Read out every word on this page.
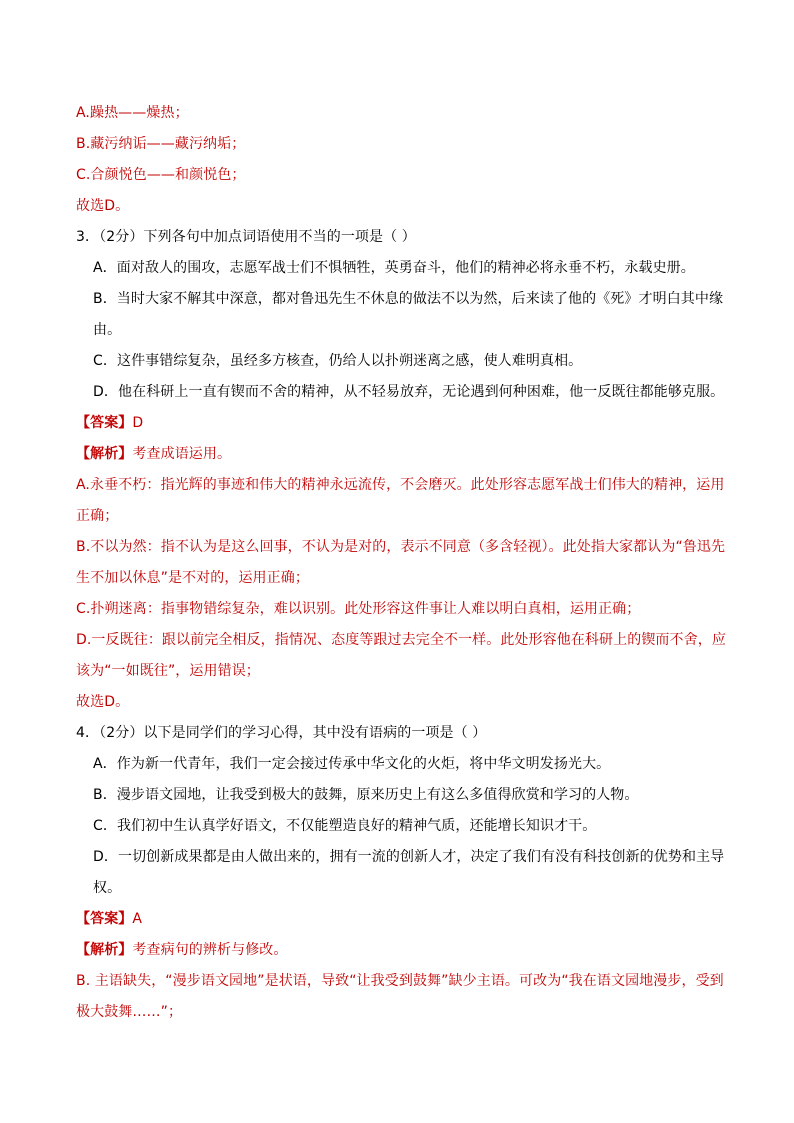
A.躁热——燥热；
B.藏污纳诟——藏污纳垢；
C.合颜悦色——和颜悦色；
故选D。
3．（2分）下列各句中加点词语使用不当的一项是（ ）
A．面对敌人的围攻，志愿军战士们不惧牺牲，英勇奋斗，他们的精神必将永垂不朽，永载史册。
B．当时大家不解其中深意，都对鲁迅先生不休息的做法不以为然，后来读了他的《死》才明白其中缘
由。
C．这件事错综复杂，虽经多方核查，仍给人以扑朔迷离之感，使人难明真相。
D．他在科研上一直有锲而不舍的精神，从不轻易放弃，无论遇到何种困难，他一反既往都能够克服。
【答案】D
【解析】考查成语运用。
A.永垂不朽：指光辉的事迹和伟大的精神永远流传，不会磨灭。此处形容志愿军战士们伟大的精神，运用
正确；
B.不以为然：指不认为是这么回事，不认为是对的，表示不同意（多含轻视）。此处指大家都认为“鲁迅先
生不加以休息”是不对的，运用正确；
C.扑朔迷离：指事物错综复杂，难以识别。此处形容这件事让人难以明白真相，运用正确；
D.一反既往：跟以前完全相反，指情况、态度等跟过去完全不一样。此处形容他在科研上的锲而不舍，应
该为“一如既往”，运用错误；
故选D。
4．（2分）以下是同学们的学习心得，其中没有语病的一项是（ ）
A．作为新一代青年，我们一定会接过传承中华文化的火炬，将中华文明发扬光大。
B．漫步语文园地，让我受到极大的鼓舞，原来历史上有这么多值得欣赏和学习的人物。
C．我们初中生认真学好语文，不仅能塑造良好的精神气质，还能增长知识才干。
D．一切创新成果都是由人做出来的，拥有一流的创新人才，决定了我们有没有科技创新的优势和主导
权。
【答案】A
【解析】考查病句的辨析与修改。
B. 主语缺失，“漫步语文园地”是状语，导致“让我受到鼓舞”缺少主语。可改为“我在语文园地漫步，受到
极大鼓舞……”；
